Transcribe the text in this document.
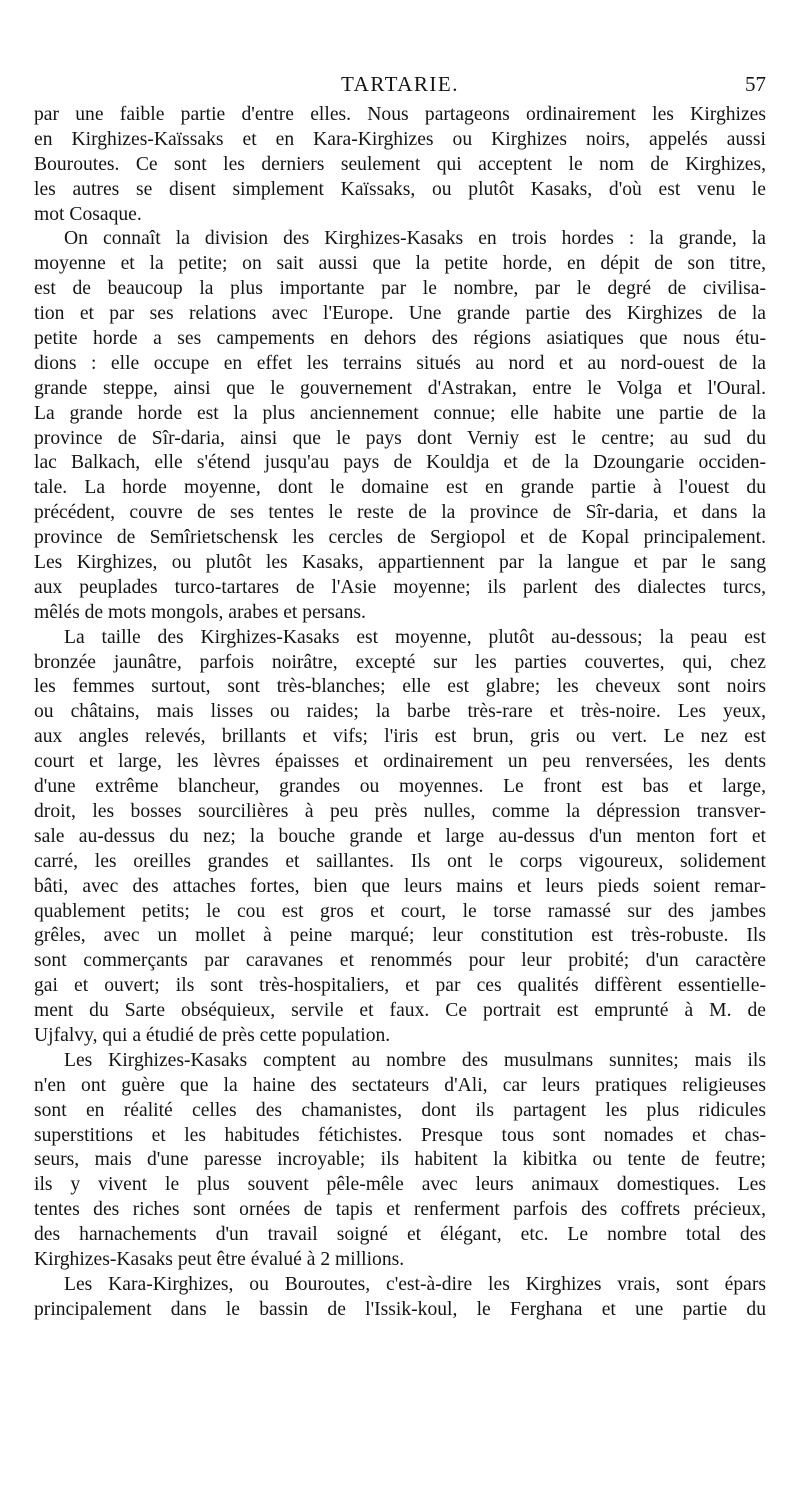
TARTARIE.	57

par une faible partie d'entre elles. Nous partageons ordinairement les Kirghizes
en Kirghizes-Kaïssaks et en Kara-Kirghizes ou Kirghizes noirs, appelés aussi
Bouroutes. Ce sont les derniers seulement qui acceptent le nom de Kirghizes,
les autres se disent simplement Kaïssaks, ou plutôt Kasaks, d'où est venu le
mot Cosaque.

On connaît la division des Kirghizes-Kasaks en trois hordes : la grande, la
moyenne et la petite; on sait aussi que la petite horde, en dépit de son titre,
est de beaucoup la plus importante par le nombre, par le degré de civilisa-
tion et par ses relations avec l'Europe. Une grande partie des Kirghizes de la
petite horde a ses campements en dehors des régions asiatiques que nous étu-
dions : elle occupe en effet les terrains situés au nord et au nord-ouest de la
grande steppe, ainsi que le gouvernement d'Astrakan, entre le Volga et l'Oural.
La grande horde est la plus anciennement connue; elle habite une partie de la
province de Sîr-daria, ainsi que le pays dont Verniy est le centre; au sud du
lac Balkach, elle s'étend jusqu'au pays de Kouldja et de la Dzoungarie occiden-
tale. La horde moyenne, dont le domaine est en grande partie à l'ouest du
précédent, couvre de ses tentes le reste de la province de Sîr-daria, et dans la
province de Semîrietschensk les cercles de Sergiopol et de Kopal principalement.
Les Kirghizes, ou plutôt les Kasaks, appartiennent par la langue et par le sang
aux peuplades turco-tartares de l'Asie moyenne; ils parlent des dialectes turcs,
mêlés de mots mongols, arabes et persans.

La taille des Kirghizes-Kasaks est moyenne, plutôt au-dessous; la peau est
bronzée jaunâtre, parfois noirâtre, excepté sur les parties couvertes, qui, chez
les femmes surtout, sont très-blanches; elle est glabre; les cheveux sont noirs
ou châtains, mais lisses ou raides; la barbe très-rare et très-noire. Les yeux,
aux angles relevés, brillants et vifs; l'iris est brun, gris ou vert. Le nez est
court et large, les lèvres épaisses et ordinairement un peu renversées, les dents
d'une extrême blancheur, grandes ou moyennes. Le front est bas et large,
droit, les bosses sourcilières à peu près nulles, comme la dépression transver-
sale au-dessus du nez; la bouche grande et large au-dessus d'un menton fort et
carré, les oreilles grandes et saillantes. Ils ont le corps vigoureux, solidement
bâti, avec des attaches fortes, bien que leurs mains et leurs pieds soient remar-
quablement petits; le cou est gros et court, le torse ramassé sur des jambes
grêles, avec un mollet à peine marqué; leur constitution est très-robuste. Ils
sont commerçants par caravanes et renommés pour leur probité; d'un caractère
gai et ouvert; ils sont très-hospitaliers, et par ces qualités diffèrent essentielle-
ment du Sarte obséquieux, servile et faux. Ce portrait est emprunté à M. de
Ujfalvy, qui a étudié de près cette population.

Les Kirghizes-Kasaks comptent au nombre des musulmans sunnites; mais ils
n'en ont guère que la haine des sectateurs d'Ali, car leurs pratiques religieuses
sont en réalité celles des chamanistes, dont ils partagent les plus ridicules
superstitions et les habitudes fétichistes. Presque tous sont nomades et chas-
seurs, mais d'une paresse incroyable; ils habitent la kibitka ou tente de feutre;
ils y vivent le plus souvent pêle-mêle avec leurs animaux domestiques. Les
tentes des riches sont ornées de tapis et renferment parfois des coffrets précieux,
des harnachements d'un travail soigné et élégant, etc. Le nombre total des
Kirghizes-Kasaks peut être évalué à 2 millions.

Les Kara-Kirghizes, ou Bouroutes, c'est-à-dire les Kirghizes vrais, sont épars
principalement dans le bassin de l'Issik-koul, le Ferghana et une partie du
